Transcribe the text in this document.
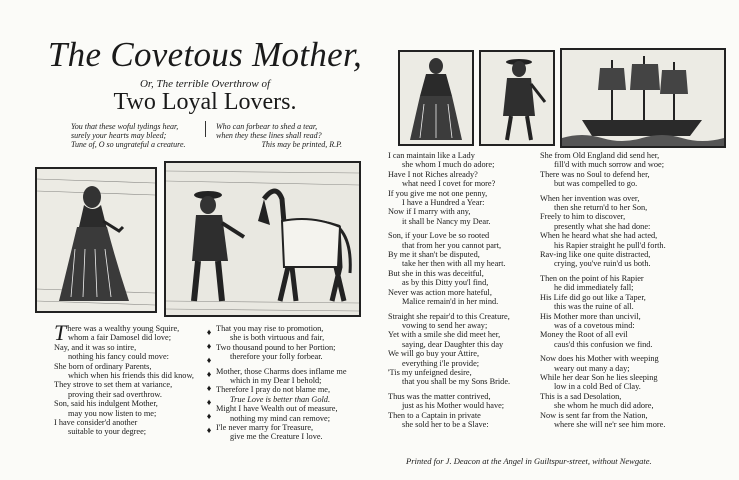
The Covetous Mother,
Or, The terrible Overthrow of
Two Loyal Lovers.
You that these woful tydings hear,
surely your hearts may bleed;
Tune of, O so ungrateful a creature.
Who can forbear to shed a tear,
when they these lines shall read?
This may be printed, R.P.
T here was a wealthy young Squire,
whom a fair Damosel did love;
Nay, and it was so intire,
nothing his fancy could move:
She born of ordinary Parents,
which when his friends this did know,
They strove to set them at variance,
proving their sad overthrow.
Son, said his indulgent Mother,
may you now listen to me;
I have consider'd another
suitable to your degree;
♦
♦
♦
♦
♦
♦
♦
♦
That you may rise to promotion,
she is both virtuous and fair,
Two thousand pound to her Portion;
therefore your folly forbear.
Mother, those Charms does inflame me
which in my Dear I behold;
Therefore I pray do not blame me,
True Love is better than Gold.
Might I have Wealth out of measure,
nothing my mind can remove;
I'le never marry for Treasure,
give me the Creature I love.
I can maintain like a Lady
she whom I much do adore;
Have I not Riches already?
what need I covet for more?
If you give me not one penny,
I have a Hundred a Year:
Now if I marry with any,
it shall be Nancy my Dear.
Son, if your Love be so rooted
that from her you cannot part,
By me it shan't be disputed,
take her then with all my heart.
But she in this was deceitful,
as by this Ditty you'l find,
Never was action more hateful,
Malice remain'd in her mind.
Straight she repair'd to this Creature,
vowing to send her away;
Yet with a smile she did meet her,
saying, dear Daughter this day
We will go buy your Attire,
everything i'le provide;
'Tis my unfeigned desire,
that you shall be my Sons Bride.
Thus was the matter contrived,
just as his Mother would have;
Then to a Captain in private
she sold her to be a Slave:
She from Old England did send her,
fill'd with much sorrow and woe;
There was no Soul to defend her,
but was compelled to go.
When her invention was over,
then she return'd to her Son,
Freely to him to discover,
presently what she had done:
When he heard what she had acted,
his Rapier straight he pull'd forth.
Rav-ing like one quite distracted,
crying, you've ruin'd us both.
Then on the point of his Rapier
he did immediately fall;
His Life did go out like a Taper,
this was the ruine of all.
His Mother more than uncivil,
was of a covetous mind:
Money the Root of all evil
caus'd this confusion we find.
Now does his Mother with weeping
weary out many a day;
While her dear Son he lies sleeping
low in a cold Bed of Clay.
This is a sad Desolation,
she whom he much did adore,
Now is sent far from the Nation,
where she will ne'r see him more.
Printed for J. Deacon at the Angel in Guiltspur-street, without Newgate.
